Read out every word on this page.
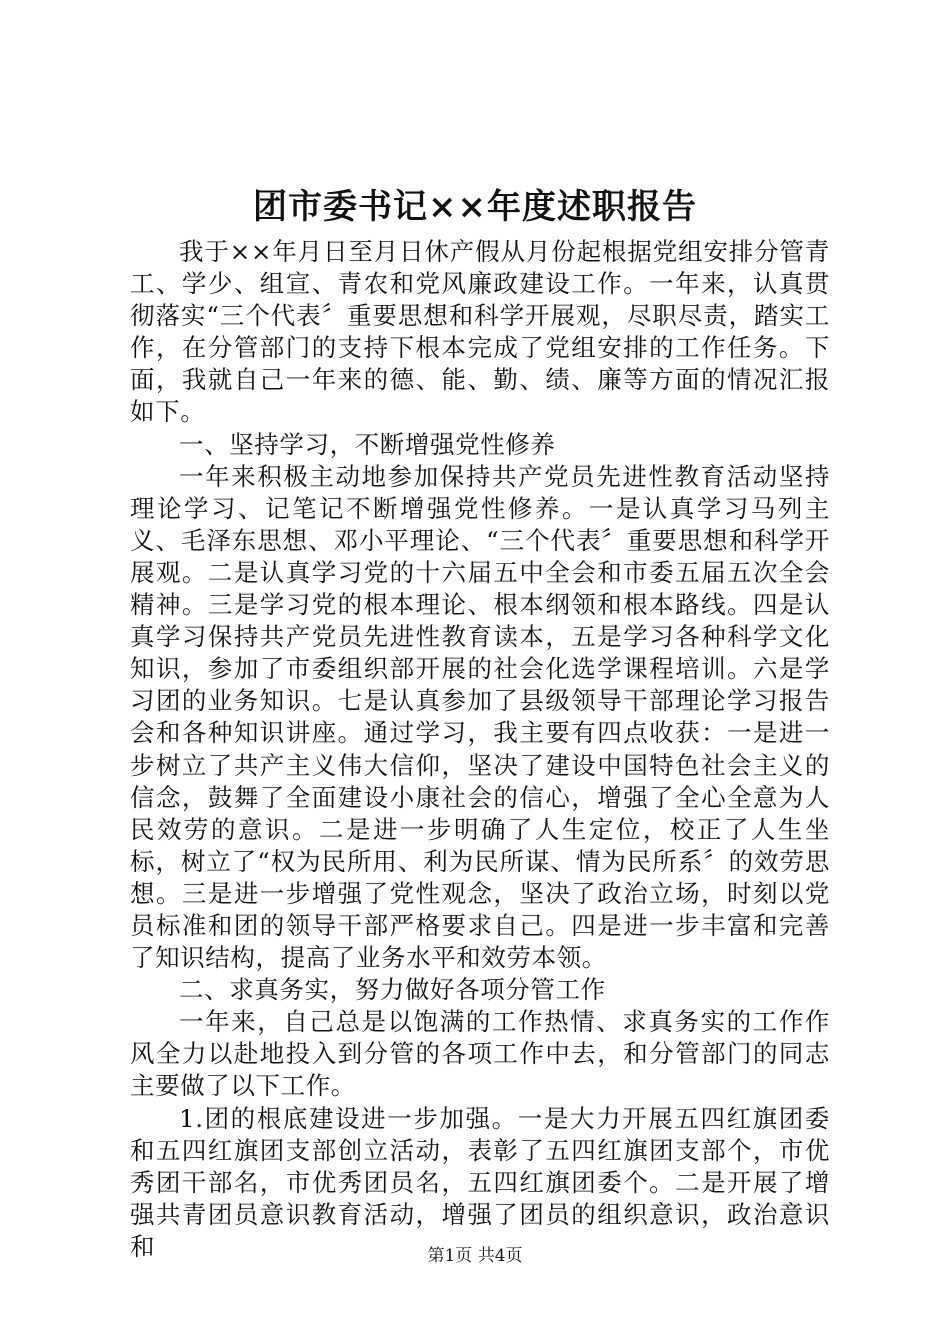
团市委书记××年度述职报告

我于××年月日至月日休产假从月份起根据党组安排分管青工、学少、组宣、青农和党风廉政建设工作。一年来，认真贯彻落实“三个代表〞重要思想和科学开展观，尽职尽责，踏实工作，在分管部门的支持下根本完成了党组安排的工作任务。下面，我就自己一年来的德、能、勤、绩、廉等方面的情况汇报如下。

一、坚持学习，不断增强党性修养

一年来积极主动地参加保持共产党员先进性教育活动坚持理论学习、记笔记不断增强党性修养。一是认真学习马列主义、毛泽东思想、邓小平理论、“三个代表〞重要思想和科学开展观。二是认真学习党的十六届五中全会和市委五届五次全会精神。三是学习党的根本理论、根本纲领和根本路线。四是认真学习保持共产党员先进性教育读本，五是学习各种科学文化知识，参加了市委组织部开展的社会化选学课程培训。六是学习团的业务知识。七是认真参加了县级领导干部理论学习报告会和各种知识讲座。通过学习，我主要有四点收获：一是进一步树立了共产主义伟大信仰，坚决了建设中国特色社会主义的信念，鼓舞了全面建设小康社会的信心，增强了全心全意为人民效劳的意识。二是进一步明确了人生定位，校正了人生坐标，树立了“权为民所用、利为民所谋、情为民所系〞的效劳思想。三是进一步增强了党性观念，坚决了政治立场，时刻以党员标准和团的领导干部严格要求自己。四是进一步丰富和完善了知识结构，提高了业务水平和效劳本领。

二、求真务实，努力做好各项分管工作

一年来，自己总是以饱满的工作热情、求真务实的工作作风全力以赴地投入到分管的各项工作中去，和分管部门的同志主要做了以下工作。

1.团的根底建设进一步加强。一是大力开展五四红旗团委和五四红旗团支部创立活动，表彰了五四红旗团支部个，市优秀团干部名，市优秀团员名，五四红旗团委个。二是开展了增强共青团员意识教育活动，增强了团员的组织意识，政治意识和	第1页 共4页
